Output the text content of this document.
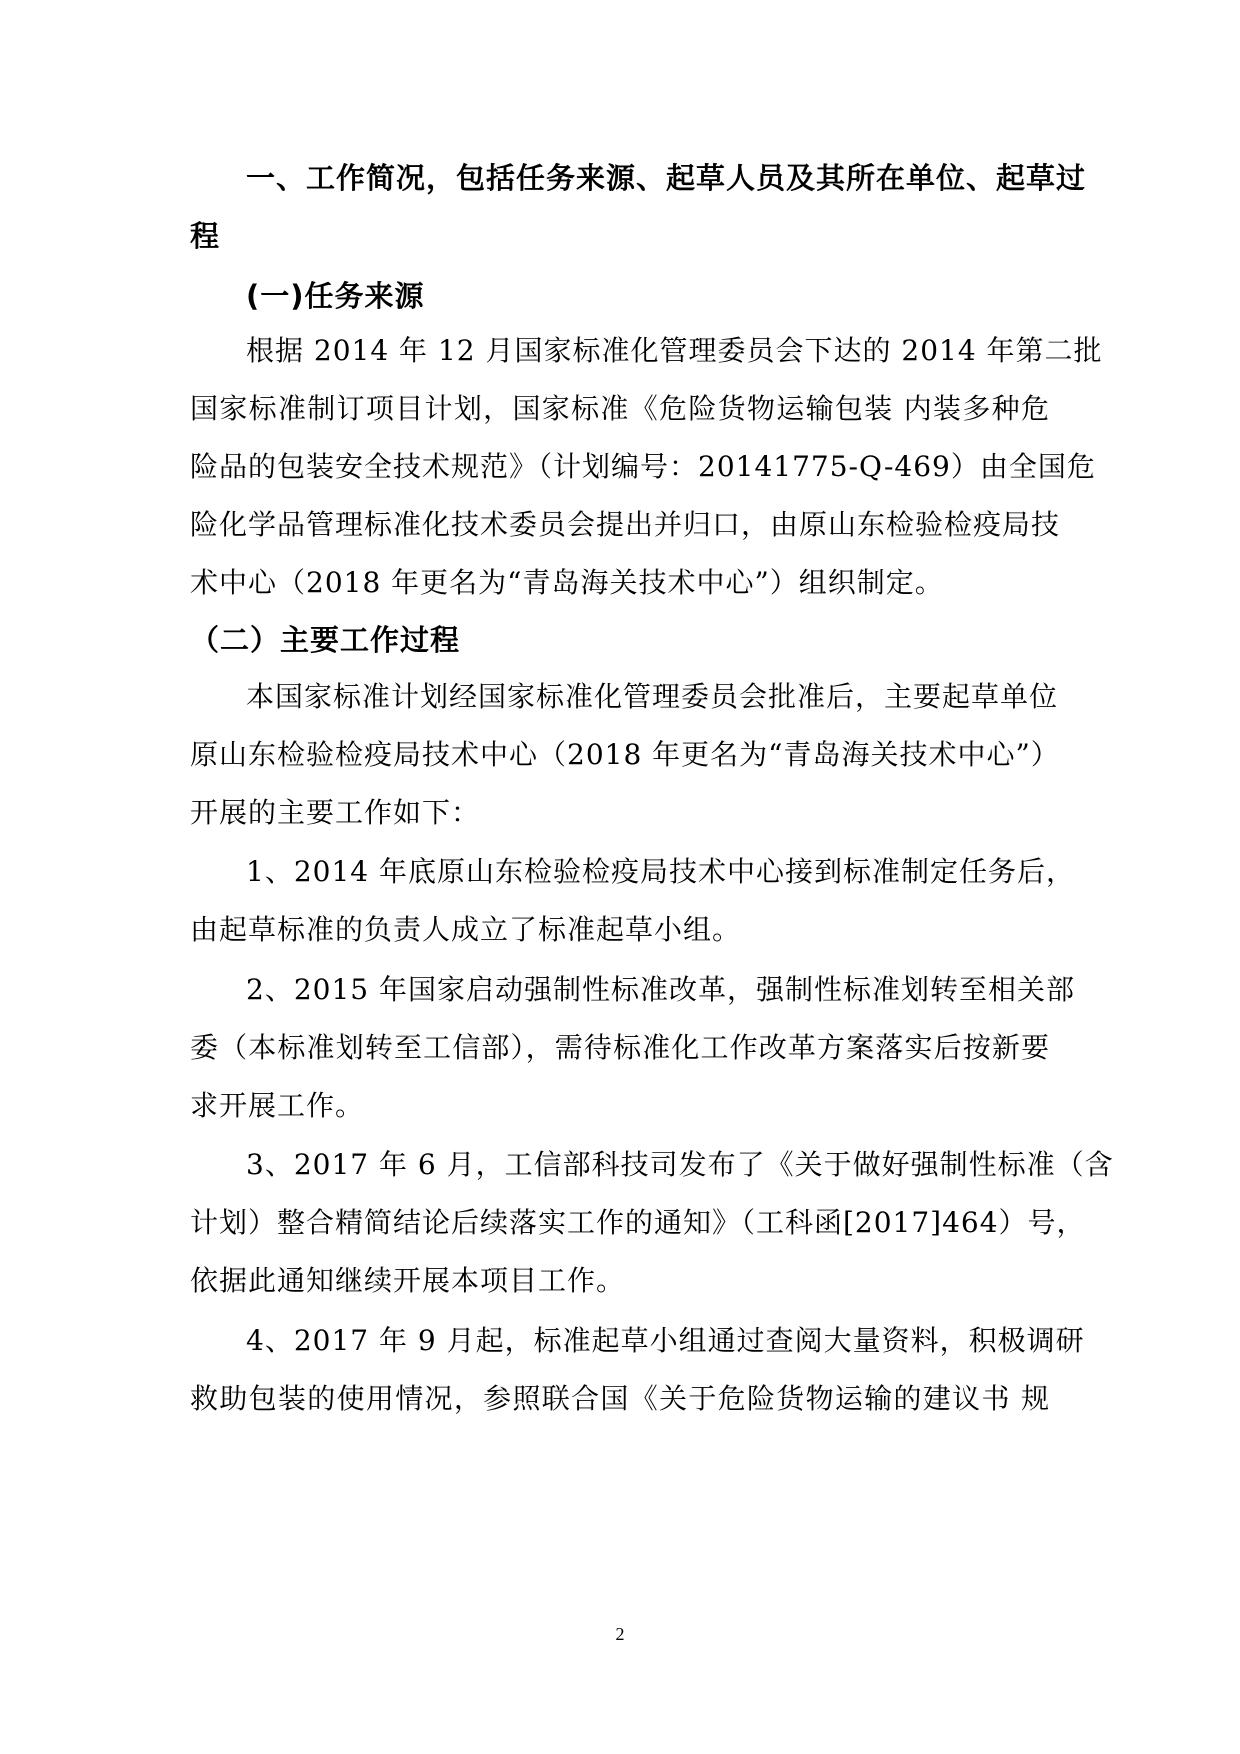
一、工作简况，包括任务来源、起草人员及其所在单位、起草过
程
(一)任务来源
根据 2014 年 12 月国家标准化管理委员会下达的 2014 年第二批
国家标准制订项目计划，国家标准《危险货物运输包装 内装多种危
险品的包装安全技术规范》（计划编号：20141775-Q-469）由全国危
险化学品管理标准化技术委员会提出并归口，由原山东检验检疫局技
术中心（2018 年更名为“青岛海关技术中心”）组织制定。
（二）主要工作过程
本国家标准计划经国家标准化管理委员会批准后，主要起草单位
原山东检验检疫局技术中心（2018 年更名为“青岛海关技术中心”）
开展的主要工作如下：
1、2014 年底原山东检验检疫局技术中心接到标准制定任务后，
由起草标准的负责人成立了标准起草小组。
2、2015 年国家启动强制性标准改革，强制性标准划转至相关部
委（本标准划转至工信部），需待标准化工作改革方案落实后按新要
求开展工作。
3、2017 年 6 月，工信部科技司发布了《关于做好强制性标准（含
计划）整合精简结论后续落实工作的通知》（工科函[2017]464）号，
依据此通知继续开展本项目工作。
4、2017 年 9 月起，标准起草小组通过查阅大量资料，积极调研
救助包装的使用情况，参照联合国《关于危险货物运输的建议书 规
2
